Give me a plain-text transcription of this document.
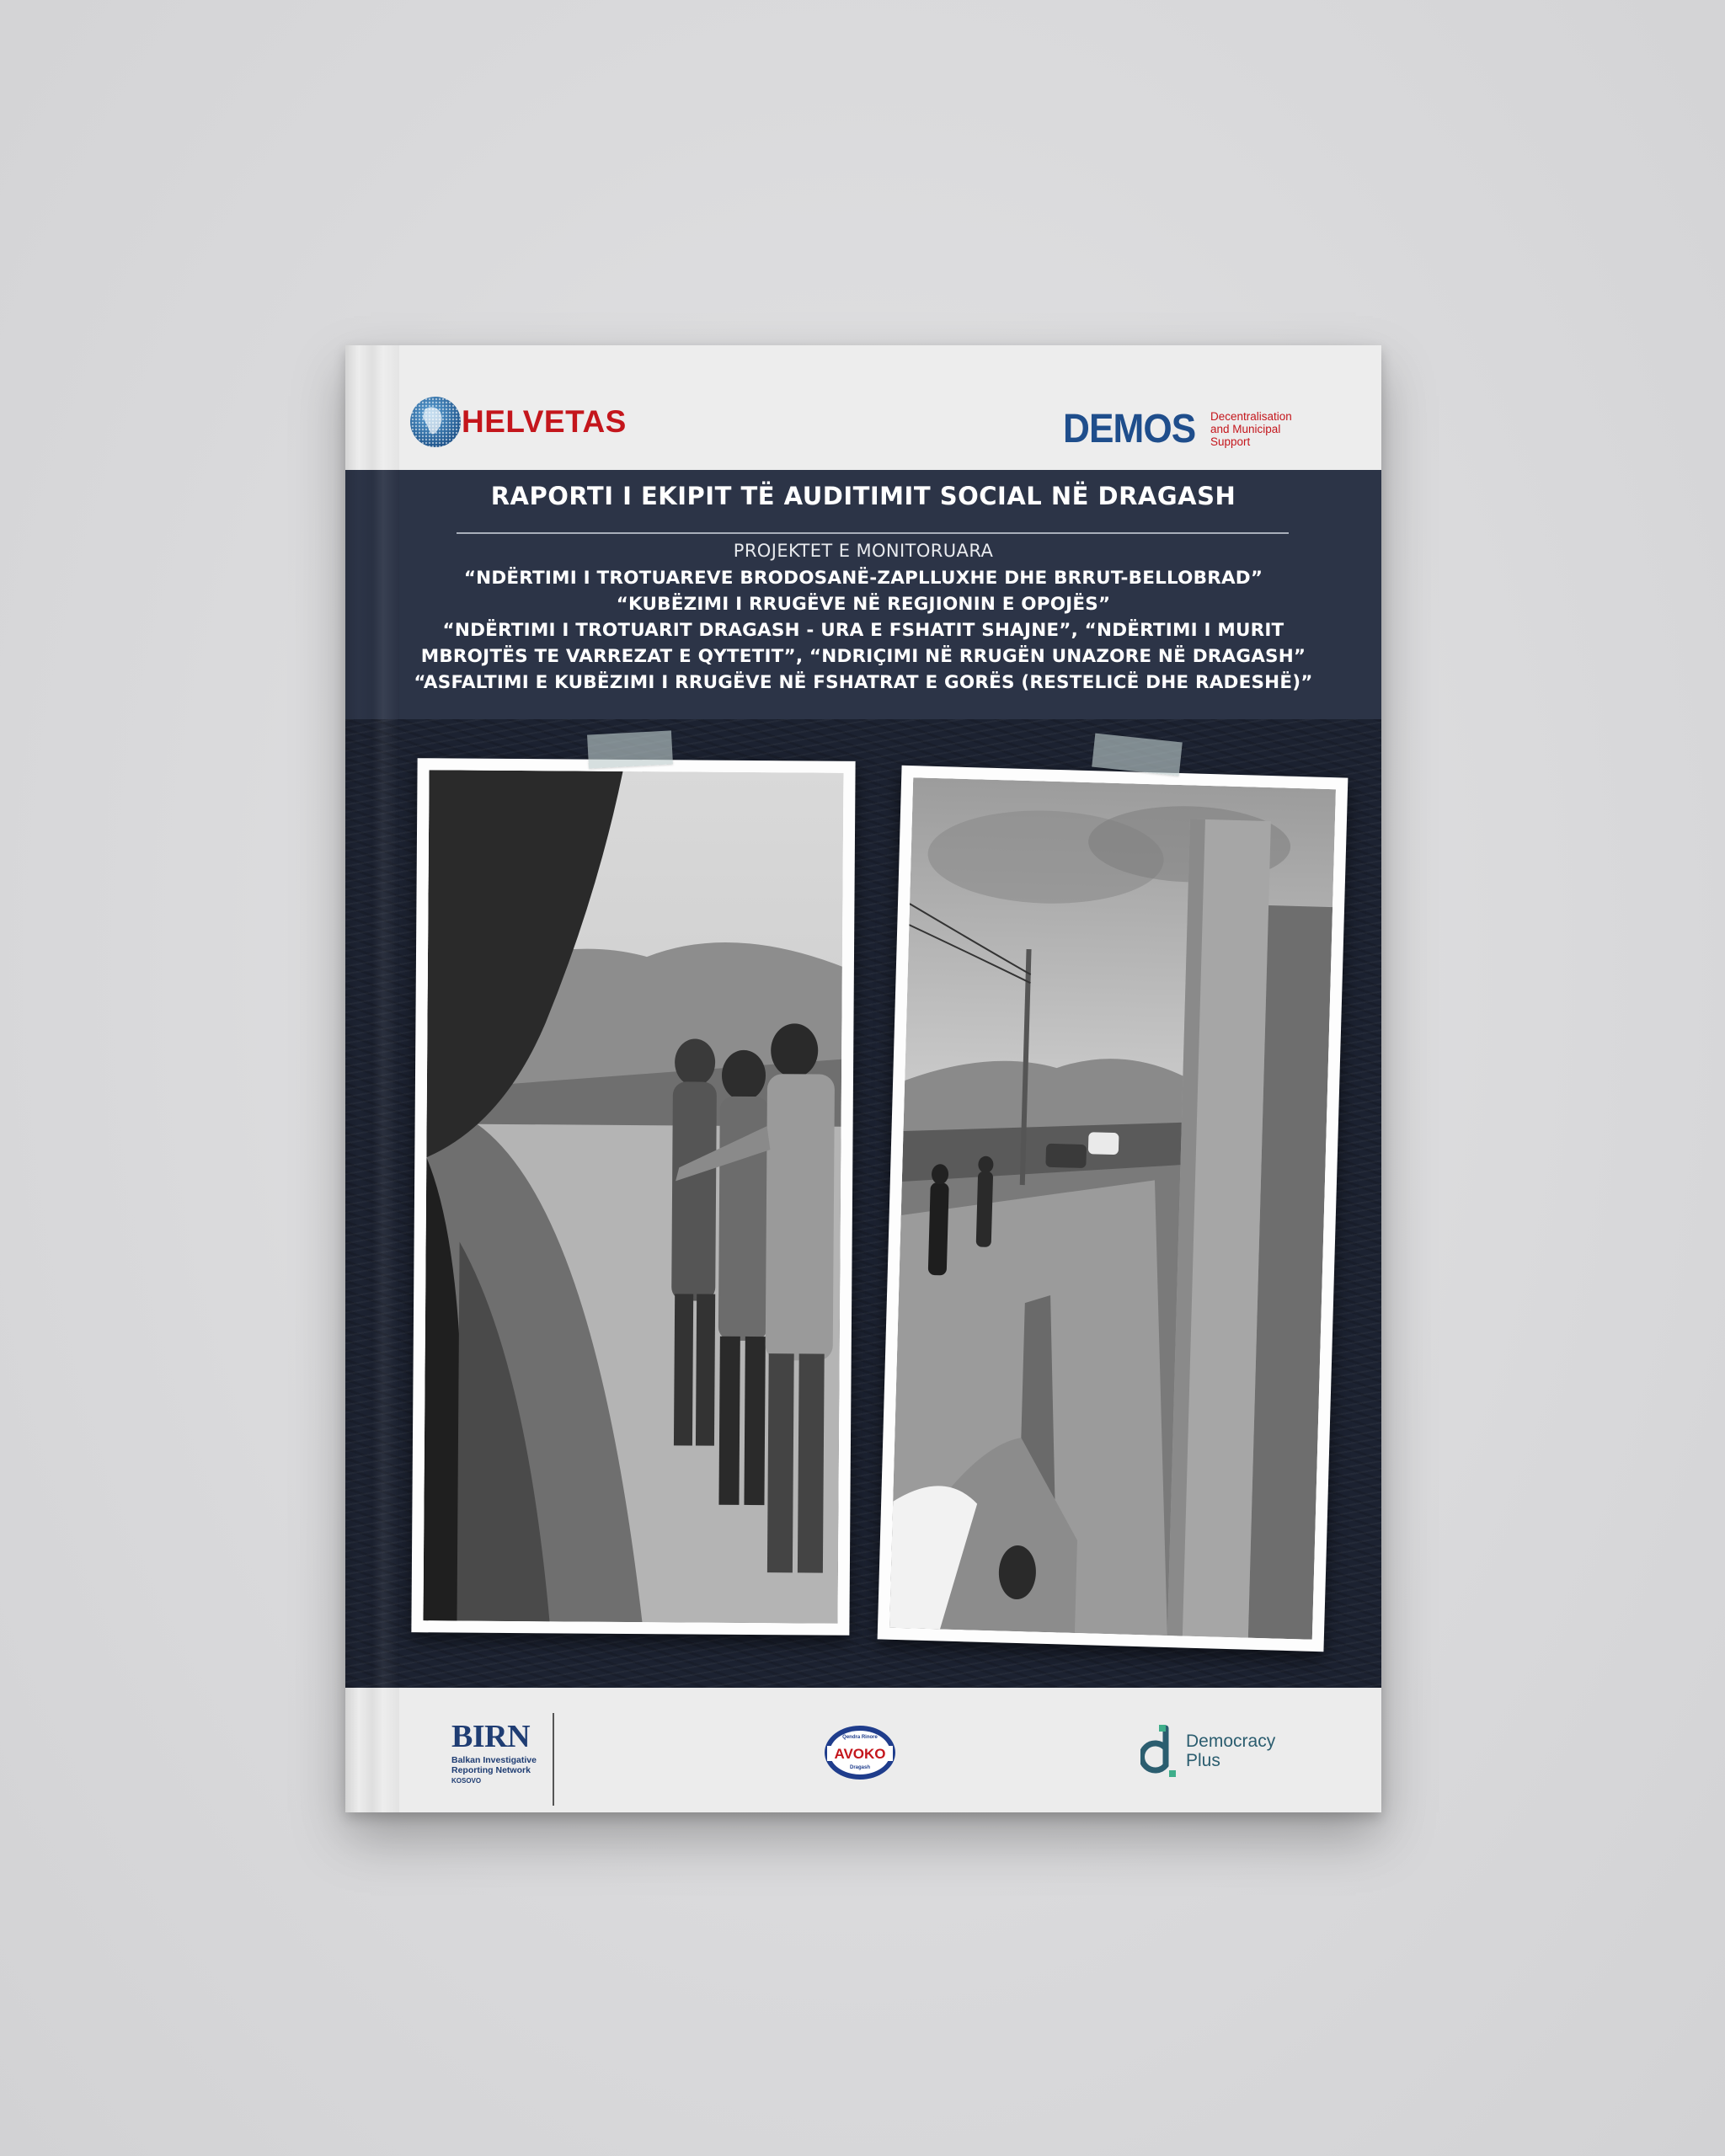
HELVETAS	DEMOS Decentralisation and Municipal Support
RAPORTI I EKIPIT TË AUDITIMIT SOCIAL NË DRAGASH
PROJEKTET E MONITORUARA
“NDËRTIMI I TROTUAREVE BRODOSANË-ZAPLLUXHE DHE BRRUT-BELLOBRAD”
“KUBËZIMI I RRUGËVE NË REGJIONIN E OPOJËS”
“NDËRTIMI I TROTUARIT DRAGASH - URA E FSHATIT SHAJNE”, “NDËRTIMI I MURIT
MBROJTËS TE VARREZAT E QYTETIT”, “NDRIÇIMI NË RRUGËN UNAZORE NË DRAGASH”
“ASFALTIMI E KUBËZIMI I RRUGËVE NË FSHATRAT E GORËS (RESTELICË DHE RADESHË)”
BIRN
Balkan Investigative Reporting Network
KOSOVO
Qendra Rinore
AVOKO
Dragash
Democracy
Plus
